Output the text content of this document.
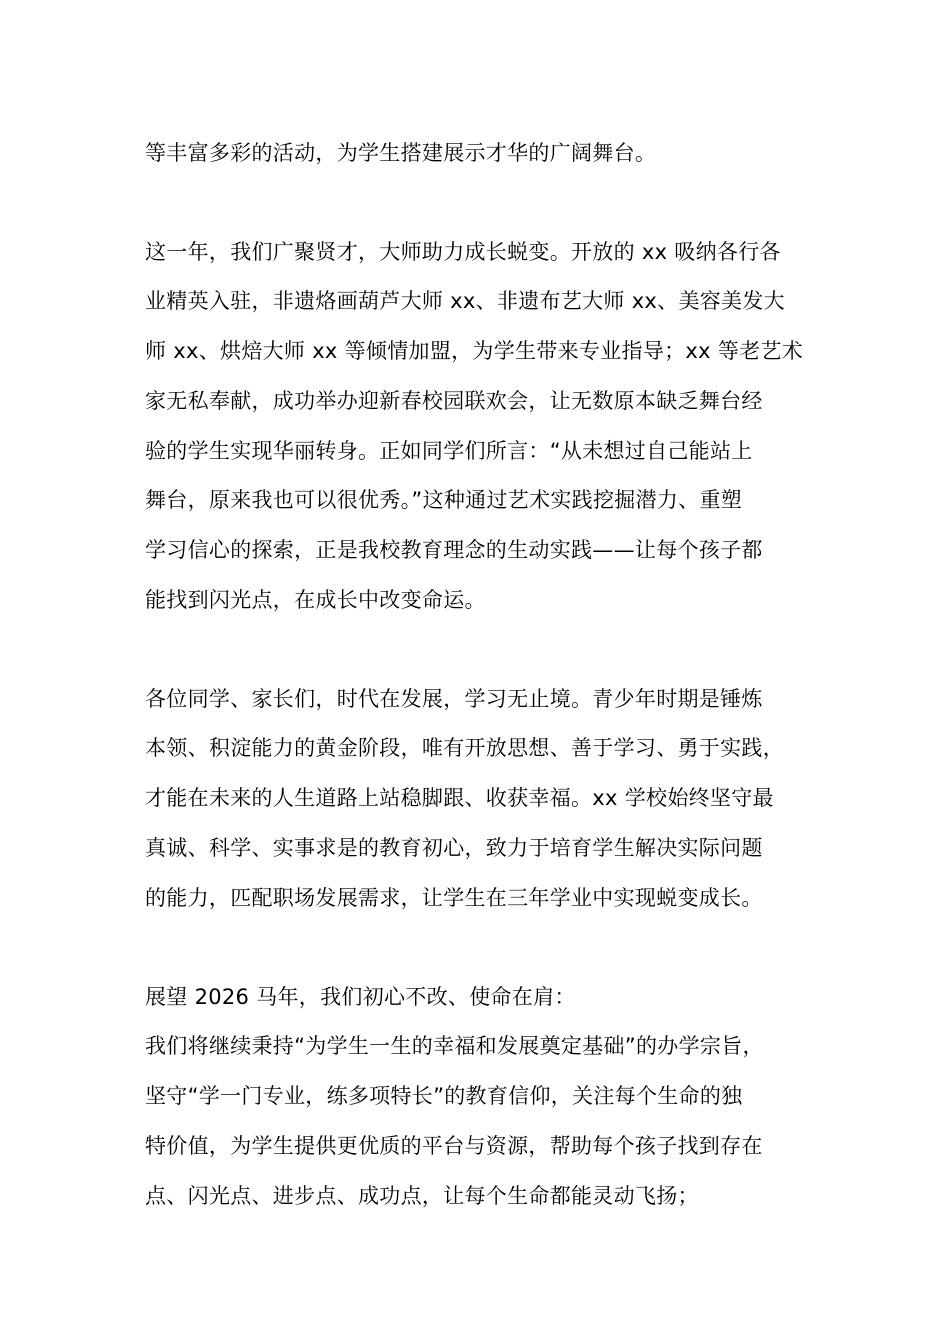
等丰富多彩的活动，为学生搭建展示才华的广阔舞台。
这一年，我们广聚贤才，大师助力成长蜕变。开放的 xx 吸纳各行各
业精英入驻，非遗烙画葫芦大师 xx、非遗布艺大师 xx、美容美发大
师 xx、烘焙大师 xx 等倾情加盟，为学生带来专业指导；xx 等老艺术
家无私奉献，成功举办迎新春校园联欢会，让无数原本缺乏舞台经
验的学生实现华丽转身。正如同学们所言：“从未想过自己能站上
舞台，原来我也可以很优秀。”这种通过艺术实践挖掘潜力、重塑
学习信心的探索，正是我校教育理念的生动实践——让每个孩子都
能找到闪光点，在成长中改变命运。
各位同学、家长们，时代在发展，学习无止境。青少年时期是锤炼
本领、积淀能力的黄金阶段，唯有开放思想、善于学习、勇于实践，
才能在未来的人生道路上站稳脚跟、收获幸福。xx 学校始终坚守最
真诚、科学、实事求是的教育初心，致力于培育学生解决实际问题
的能力，匹配职场发展需求，让学生在三年学业中实现蜕变成长。
展望 2026 马年，我们初心不改、使命在肩：
我们将继续秉持“为学生一生的幸福和发展奠定基础”的办学宗旨，
坚守“学一门专业，练多项特长”的教育信仰，关注每个生命的独
特价值，为学生提供更优质的平台与资源，帮助每个孩子找到存在
点、闪光点、进步点、成功点，让每个生命都能灵动飞扬；
